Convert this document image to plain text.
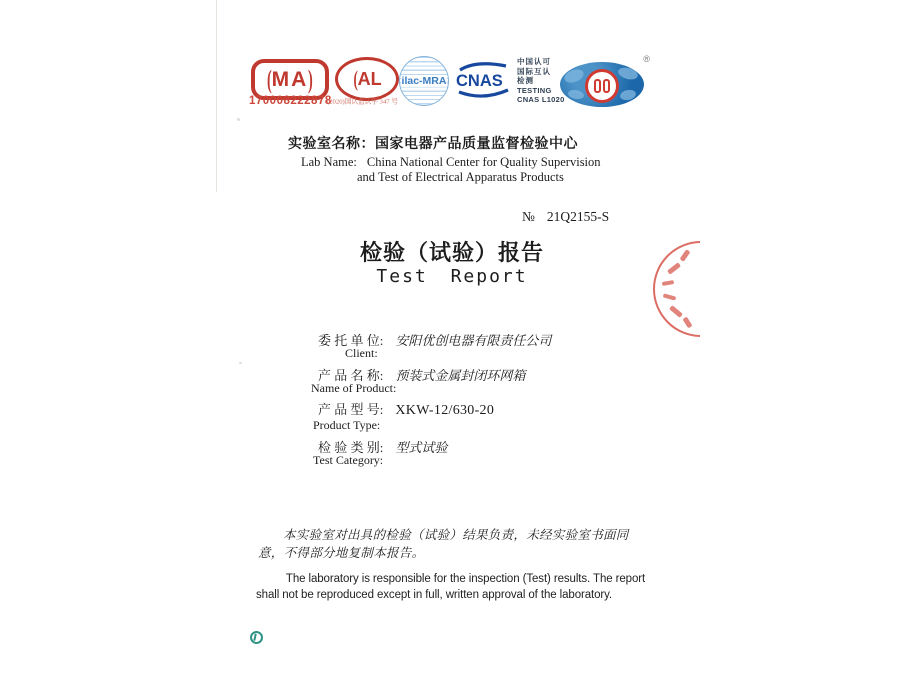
( MA )
170008222878
( AL
(2020)国认监认字 347 号
ilac-MRA CNAS
中国认可
国际互认
检测
TESTING
CNAS L1020
®
实验室名称：国家电器产品质量监督检验中心
Lab Name: China National Center for Quality Supervision
and Test of Electrical Apparatus Products
№ 21Q2155-S
检验（试验）报告
Test Report
委 托 单 位: 安阳优创电器有限责任公司
Client:
产 品 名 称: 预装式金属封闭环网箱
Name of Product:
产 品 型 号: XKW-12/630-20
Product Type:
检 验 类 别: 型式试验
Test Category:
本实验室对出具的检验（试验）结果负责，未经实验室书面同意，不得部分地复制本报告。
The laboratory is responsible for the inspection (Test) results. The report shall not be reproduced except in full, written approval of the laboratory.
